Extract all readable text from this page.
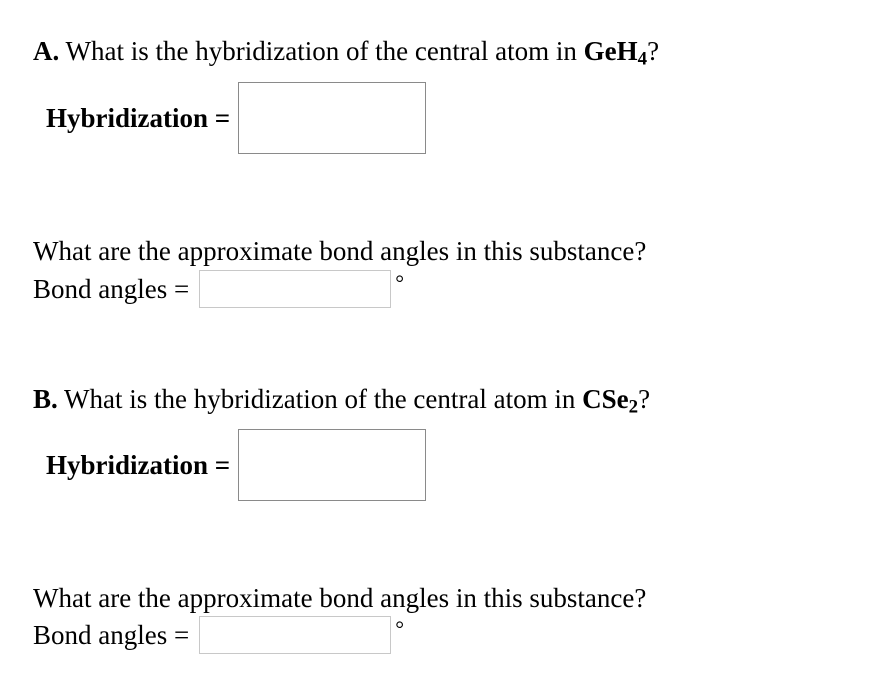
A. What is the hybridization of the central atom in GeH$_4$?
Hybridization =
What are the approximate bond angles in this substance?
Bond angles =	°
B. What is the hybridization of the central atom in CSe$_2$?
Hybridization =
What are the approximate bond angles in this substance?
Bond angles =	°
